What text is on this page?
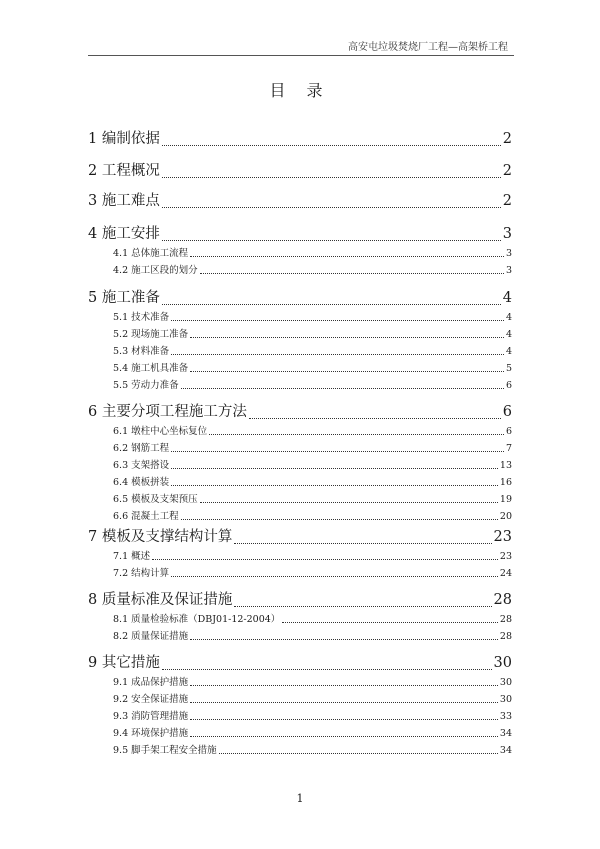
高安屯垃圾焚烧厂工程—高架桥工程
目 录
1 编制依据	2
2 工程概况	2
3 施工难点	2
4 施工安排	3
4.1 总体施工流程	3
4.2 施工区段的划分	3
5 施工准备	4
5.1 技术准备	4
5.2 现场施工准备	4
5.3 材料准备	4
5.4 施工机具准备	5
5.5 劳动力准备	6
6 主要分项工程施工方法	6
6.1 墩柱中心坐标复位	6
6.2 钢筋工程	7
6.3 支架搭设	13
6.4 模板拼装	16
6.5 模板及支架预压	19
6.6 混凝土工程	20
7 模板及支撑结构计算	23
7.1 概述	23
7.2 结构计算	24
8 质量标准及保证措施	28
8.1 质量检验标准（DBJ01-12-2004）	28
8.2 质量保证措施	28
9 其它措施	30
9.1 成品保护措施	30
9.2 安全保证措施	30
9.3 消防管理措施	33
9.4 环境保护措施	34
9.5 脚手架工程安全措施	34
1
